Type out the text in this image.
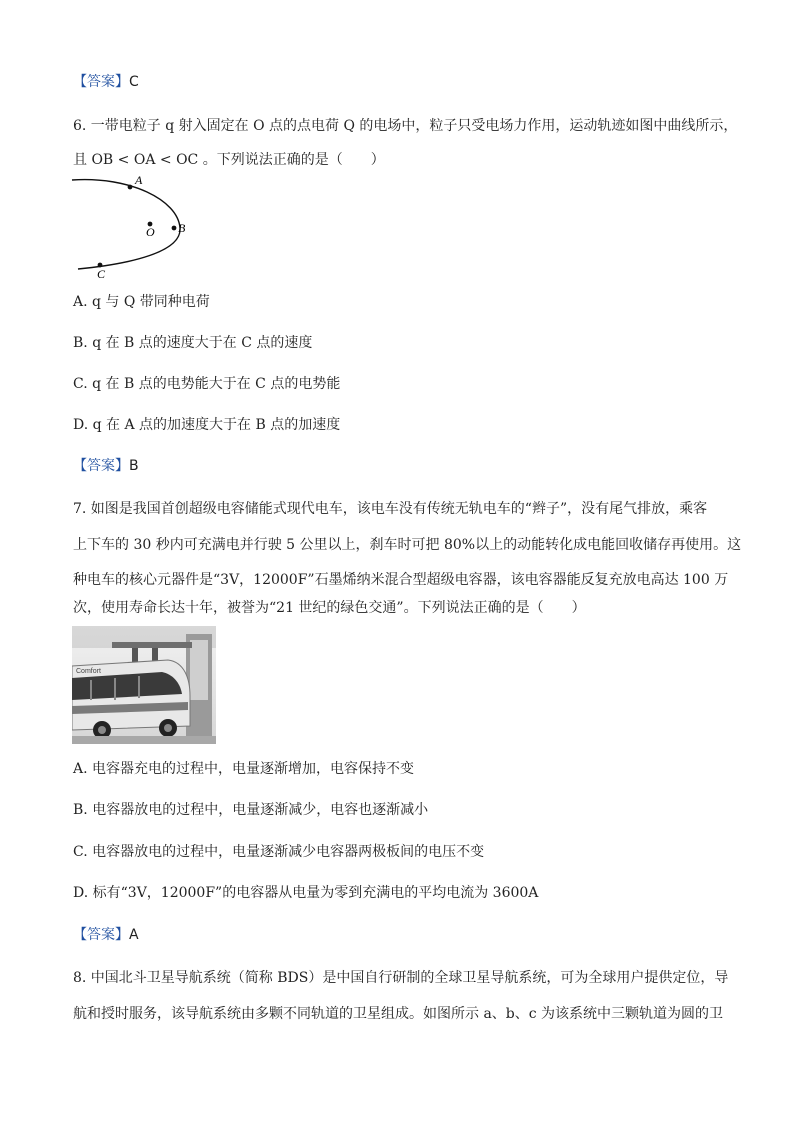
【答案】C
6. 一带电粒子 q 射入固定在 O 点的点电荷 Q 的电场中，粒子只受电场力作用，运动轨迹如图中曲线所示，
且 OB < OA < OC 。下列说法正确的是（　　）
A
O B
C
A. q 与 Q 带同种电荷
B. q 在 B 点的速度大于在 C 点的速度
C. q 在 B 点的电势能大于在 C 点的电势能
D. q 在 A 点的加速度大于在 B 点的加速度
【答案】B
7. 如图是我国首创超级电容储能式现代电车，该电车没有传统无轨电车的“辫子”，没有尾气排放，乘客
上下车的 30 秒内可充满电并行驶 5 公里以上，刹车时可把 80%以上的动能转化成电能回收储存再使用。这
种电车的核心元器件是“3V，12000F”石墨烯纳米混合型超级电容器，该电容器能反复充放电高达 100 万
次，使用寿命长达十年，被誉为“21 世纪的绿色交通”。下列说法正确的是（　　）
Comfort
A. 电容器充电的过程中，电量逐渐增加，电容保持不变
B. 电容器放电的过程中，电量逐渐减少，电容也逐渐减小
C. 电容器放电的过程中，电量逐渐减少电容器两极板间的电压不变
D. 标有“3V，12000F”的电容器从电量为零到充满电的平均电流为 3600A
【答案】A
8. 中国北斗卫星导航系统（简称 BDS）是中国自行研制的全球卫星导航系统，可为全球用户提供定位，导
航和授时服务，该导航系统由多颗不同轨道的卫星组成。如图所示 a、b、c 为该系统中三颗轨道为圆的卫
